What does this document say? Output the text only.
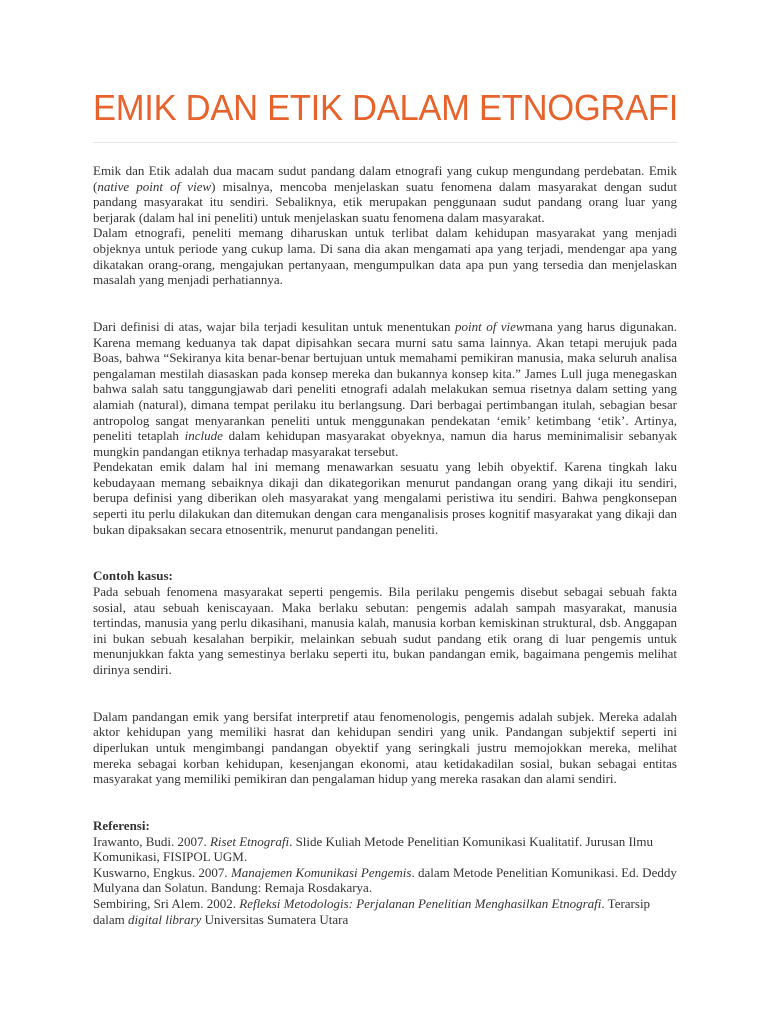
EMIK DAN ETIK DALAM ETNOGRAFI

Emik dan Etik adalah dua macam sudut pandang dalam etnografi yang cukup mengundang perdebatan. Emik (native point of view) misalnya, mencoba menjelaskan suatu fenomena dalam masyarakat dengan sudut pandang masyarakat itu sendiri. Sebaliknya, etik merupakan penggunaan sudut pandang orang luar yang berjarak (dalam hal ini peneliti) untuk menjelaskan suatu fenomena dalam masyarakat.

Dalam etnografi, peneliti memang diharuskan untuk terlibat dalam kehidupan masyarakat yang menjadi objeknya untuk periode yang cukup lama. Di sana dia akan mengamati apa yang terjadi, mendengar apa yang dikatakan orang-orang, mengajukan pertanyaan, mengumpulkan data apa pun yang tersedia dan menjelaskan masalah yang menjadi perhatiannya.

Dari definisi di atas, wajar bila terjadi kesulitan untuk menentukan point of viewmana yang harus digunakan. Karena memang keduanya tak dapat dipisahkan secara murni satu sama lainnya. Akan tetapi merujuk pada Boas, bahwa “Sekiranya kita benar-benar bertujuan untuk memahami pemikiran manusia, maka seluruh analisa pengalaman mestilah diasaskan pada konsep mereka dan bukannya konsep kita.” James Lull juga menegaskan bahwa salah satu tanggungjawab dari peneliti etnografi adalah melakukan semua risetnya dalam setting yang alamiah (natural), dimana tempat perilaku itu berlangsung. Dari berbagai pertimbangan itulah, sebagian besar antropolog sangat menyarankan peneliti untuk menggunakan pendekatan ‘emik’ ketimbang ‘etik’. Artinya, peneliti tetaplah include dalam kehidupan masyarakat obyeknya, namun dia harus meminimalisir sebanyak mungkin pandangan etiknya terhadap masyarakat tersebut.

Pendekatan emik dalam hal ini memang menawarkan sesuatu yang lebih obyektif. Karena tingkah laku kebudayaan memang sebaiknya dikaji dan dikategorikan menurut pandangan orang yang dikaji itu sendiri, berupa definisi yang diberikan oleh masyarakat yang mengalami peristiwa itu sendiri. Bahwa pengkonsepan seperti itu perlu dilakukan dan ditemukan dengan cara menganalisis proses kognitif masyarakat yang dikaji dan bukan dipaksakan secara etnosentrik, menurut pandangan peneliti.

Contoh kasus:

Pada sebuah fenomena masyarakat seperti pengemis. Bila perilaku pengemis disebut sebagai sebuah fakta sosial, atau sebuah keniscayaan. Maka berlaku sebutan: pengemis adalah sampah masyarakat, manusia tertindas, manusia yang perlu dikasihani, manusia kalah, manusia korban kemiskinan struktural, dsb. Anggapan ini bukan sebuah kesalahan berpikir, melainkan sebuah sudut pandang etik orang di luar pengemis untuk menunjukkan fakta yang semestinya berlaku seperti itu, bukan pandangan emik, bagaimana pengemis melihat dirinya sendiri.

Dalam pandangan emik yang bersifat interpretif atau fenomenologis, pengemis adalah subjek. Mereka adalah aktor kehidupan yang memiliki hasrat dan kehidupan sendiri yang unik. Pandangan subjektif seperti ini diperlukan untuk mengimbangi pandangan obyektif yang seringkali justru memojokkan mereka, melihat mereka sebagai korban kehidupan, kesenjangan ekonomi, atau ketidakadilan sosial, bukan sebagai entitas masyarakat yang memiliki pemikiran dan pengalaman hidup yang mereka rasakan dan alami sendiri.

Referensi:

Irawanto, Budi. 2007. Riset Etnografi. Slide Kuliah Metode Penelitian Komunikasi Kualitatif. Jurusan Ilmu Komunikasi, FISIPOL UGM.

Kuswarno, Engkus. 2007. Manajemen Komunikasi Pengemis. dalam Metode Penelitian Komunikasi. Ed. Deddy Mulyana dan Solatun. Bandung: Remaja Rosdakarya.

Sembiring, Sri Alem. 2002. Refleksi Metodologis: Perjalanan Penelitian Menghasilkan Etnografi. Terarsip dalam digital library Universitas Sumatera Utara
